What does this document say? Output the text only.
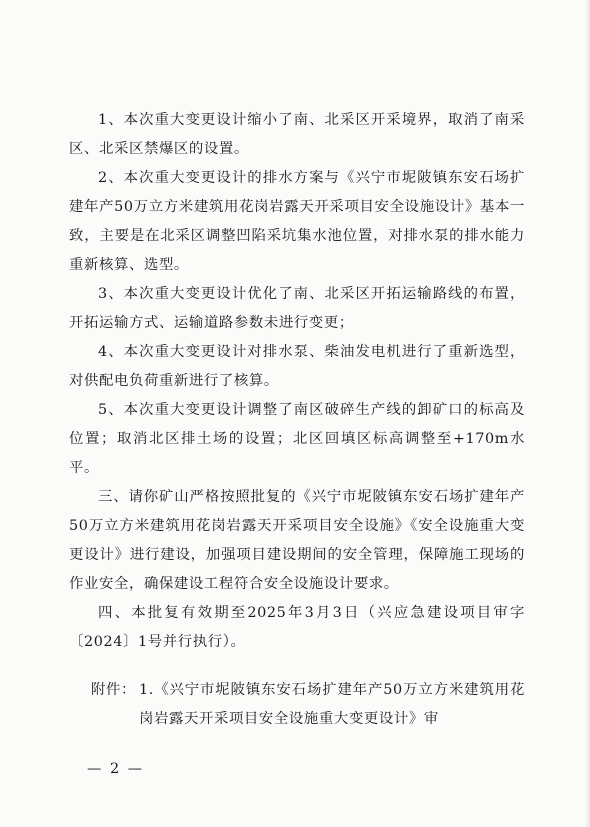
1、本次重大变更设计缩小了南、北采区开采境界，取消了南采区、北采区禁爆区的设置。

2、本次重大变更设计的排水方案与《兴宁市坭陂镇东安石场扩建年产50万立方米建筑用花岗岩露天开采项目安全设施设计》基本一致，主要是在北采区调整凹陷采坑集水池位置，对排水泵的排水能力重新核算、选型。

3、本次重大变更设计优化了南、北采区开拓运输路线的布置，开拓运输方式、运输道路参数未进行变更；

4、本次重大变更设计对排水泵、柴油发电机进行了重新选型，对供配电负荷重新进行了核算。

5、本次重大变更设计调整了南区破碎生产线的卸矿口的标高及位置；取消北区排土场的设置；北区回填区标高调整至+170m水平。

三、请你矿山严格按照批复的《兴宁市坭陂镇东安石场扩建年产50万立方米建筑用花岗岩露天开采项目安全设施》《安全设施重大变更设计》进行建设，加强项目建设期间的安全管理，保障施工现场的作业安全，确保建设工程符合安全设施设计要求。

四、本批复有效期至2025年3月3日（兴应急建设项目审字〔2024〕1号并行执行）。

附件： 1.《兴宁市坭陂镇东安石场扩建年产50万立方米建筑用花岗岩露天开采项目安全设施重大变更设计》审

— 2 —
